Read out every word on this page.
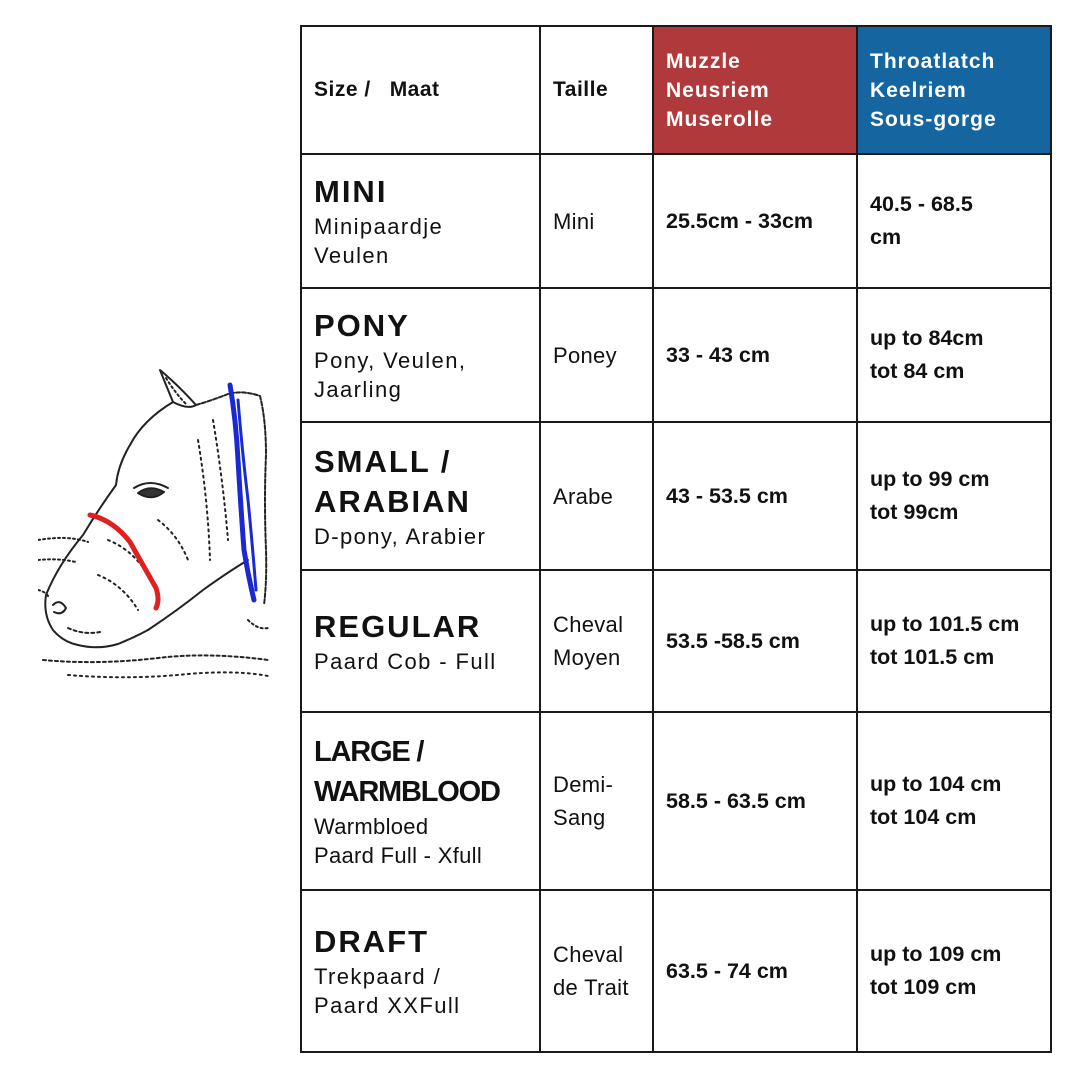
Size /   Maat	Taille	Muzzle
Neusriem
Muserolle	Throatlatch
Keelriem
Sous-gorge

MINI
Minipaardje
Veulen	Mini	25.5cm - 33cm	40.5 - 68.5
cm

PONY
Pony, Veulen,
Jaarling	Poney	33 - 43 cm	up to 84cm
tot 84 cm

SMALL /
ARABIAN
D-pony, Arabier	Arabe	43 - 53.5 cm	up to 99 cm
tot 99cm

REGULAR
Paard Cob - Full	Cheval
Moyen	53.5 -58.5 cm	up to 101.5 cm
tot 101.5 cm

LARGE /
WARMBLOOD
Warmbloed
Paard Full - Xfull	Demi-
Sang	58.5 - 63.5 cm	up to 104 cm
tot 104 cm

DRAFT
Trekpaard /
Paard XXFull	Cheval
de Trait	63.5 - 74 cm	up to 109 cm
tot 109 cm
